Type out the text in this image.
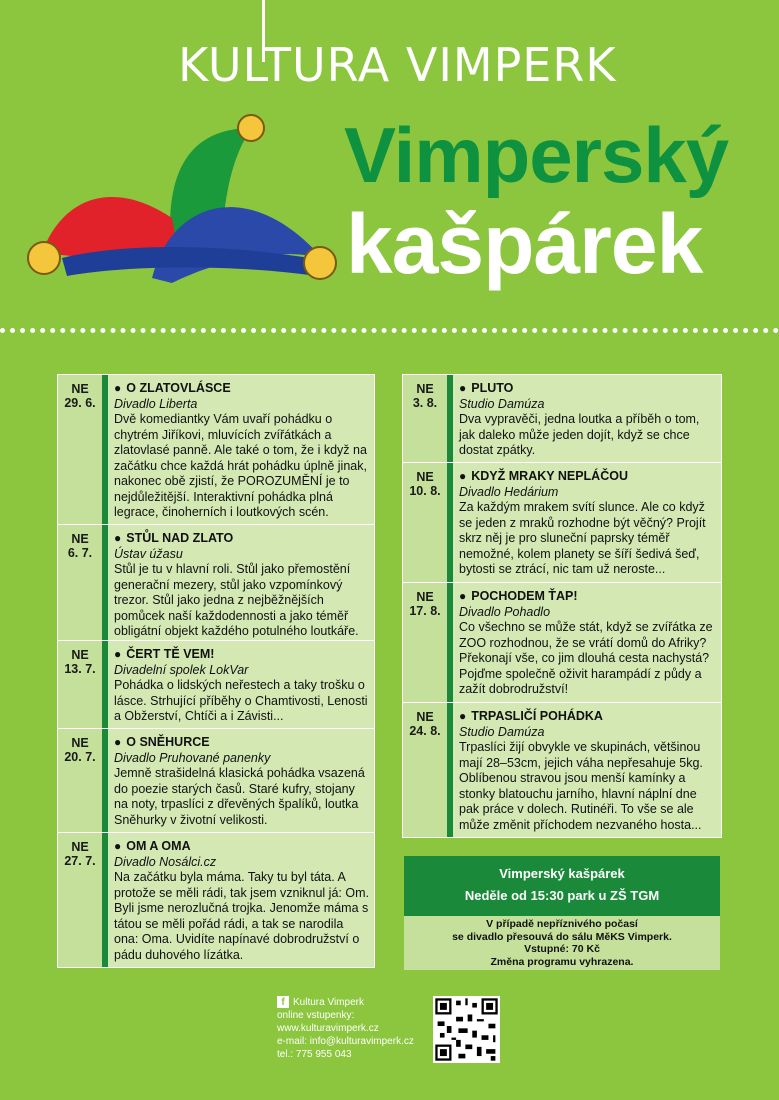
KULTURA VIMPERK
Vimperský
kašpárek
NE
29. 6.
● O ZLATOVLÁSCE
Divadlo Liberta
Dvě komediantky Vám uvaří pohádku o chytrém Jiříkovi, mluvících zvířátkách a zlatovlasé panně. Ale také o tom, že i když na začátku chce každá hrát pohádku úplně jinak, nakonec obě zjistí, že POROZUMĚNÍ je to nejdůležitější. Interaktivní pohádka plná legrace, činoherních i loutkových scén.
NE
6. 7.
● STŮL NAD ZLATO
Ústav úžasu
Stůl je tu v hlavní roli. Stůl jako přemostění generační mezery, stůl jako vzpomínkový trezor. Stůl jako jedna z nejběžnějších pomůcek naší každodennosti a jako téměř obligátní objekt každého potulného loutkáře.
NE
13. 7.
● ČERT TĚ VEM!
Divadelní spolek LokVar
Pohádka o lidských neřestech a taky trošku o lásce. Strhující příběhy o Chamtivosti, Lenosti a Obžerství, Chtíči a i Závisti...
NE
20. 7.
● O SNĚHURCE
Divadlo Pruhované panenky
Jemně strašidelná klasická pohádka vsazená do poezie starých časů. Staré kufry, stojany na noty, trpaslíci z dřevěných špalíků, loutka Sněhurky v životní velikosti.
NE
27. 7.
● OM A OMA
Divadlo Nosálci.cz
Na začátku byla máma. Taky tu byl táta. A protože se měli rádi, tak jsem vzniknul já: Om. Byli jsme nerozlučná trojka. Jenomže máma s tátou se měli pořád rádi, a tak se narodila ona: Oma. Uvidíte napínavé dobrodružství o pádu duhového lízátka.
NE
3. 8.
● PLUTO
Studio Damúza
Dva vypravěči, jedna loutka a příběh o tom, jak daleko může jeden dojít, když se chce dostat zpátky.
NE
10. 8.
● KDYŽ MRAKY NEPLÁČOU
Divadlo Hedárium
Za každým mrakem svítí slunce. Ale co když se jeden z mraků rozhodne být věčný? Projít skrz něj je pro sluneční paprsky téměř nemožné, kolem planety se šíří šedivá šeď, bytosti se ztrácí, nic tam už neroste...
NE
17. 8.
● POCHODEM ŤAP!
Divadlo Pohadlo
Co všechno se může stát, když se zvířátka ze ZOO rozhodnou, že se vrátí domů do Afriky? Překonají vše, co jim dlouhá cesta nachystá? Pojďme společně oživit harampádí z půdy a zažít dobrodružství!
NE
24. 8.
● TRPASLIČÍ POHÁDKA
Studio Damúza
Trpaslíci žijí obvykle ve skupinách, většinou mají 28–53cm, jejich váha nepřesahuje 5kg. Oblíbenou stravou jsou menší kamínky a stonky blatouchu jarního, hlavní náplní dne pak práce v dolech. Rutinéři. To vše se ale může změnit příchodem nezvaného hosta...
Vimperský kašpárek
Neděle od 15:30 park u ZŠ TGM
V případě nepříznivého počasí
se divadlo přesouvá do sálu MěKS Vimperk.
Vstupné: 70 Kč
Změna programu vyhrazena.
f Kultura Vimperk
online vstupenky:
www.kulturavimperk.cz
e-mail: info@kulturavimperk.cz
tel.: 775 955 043
